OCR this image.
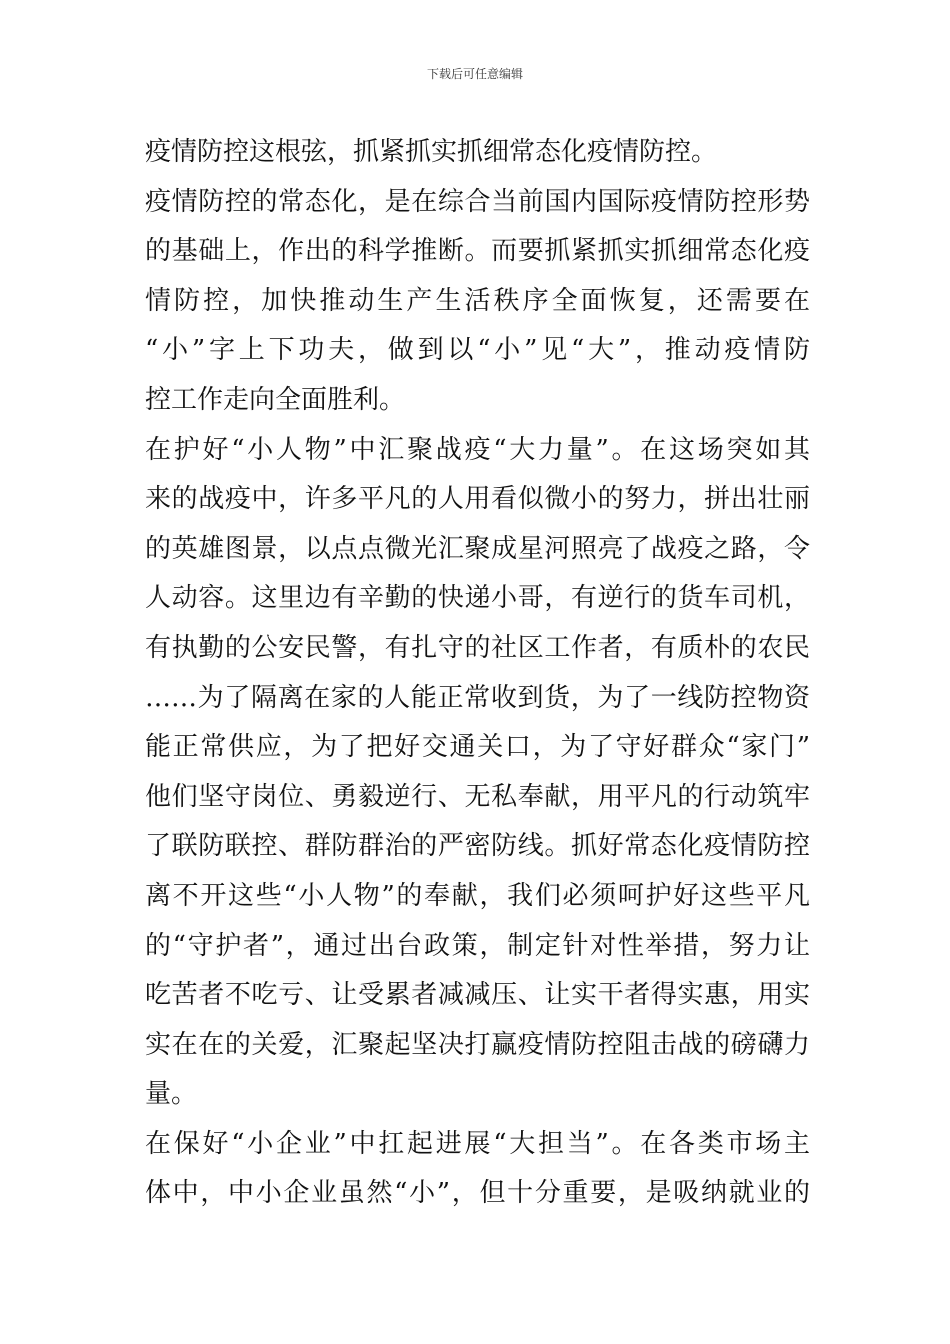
下载后可任意编辑
疫情防控这根弦，抓紧抓实抓细常态化疫情防控。
疫情防控的常态化，是在综合当前国内国际疫情防控形势
的基础上，作出的科学推断。而要抓紧抓实抓细常态化疫
情防控，加快推动生产生活秩序全面恢复，还需要在
“小”字上下功夫，做到以“小”见“大”，推动疫情防
控工作走向全面胜利。
在护好“小人物”中汇聚战疫“大力量”。在这场突如其
来的战疫中，许多平凡的人用看似微小的努力，拼出壮丽
的英雄图景，以点点微光汇聚成星河照亮了战疫之路，令
人动容。这里边有辛勤的快递小哥，有逆行的货车司机，
有执勤的公安民警，有扎守的社区工作者，有质朴的农民
……为了隔离在家的人能正常收到货，为了一线防控物资
能正常供应，为了把好交通关口，为了守好群众“家门”
他们坚守岗位、勇毅逆行、无私奉献，用平凡的行动筑牢
了联防联控、群防群治的严密防线。抓好常态化疫情防控
离不开这些“小人物”的奉献，我们必须呵护好这些平凡
的“守护者”，通过出台政策，制定针对性举措，努力让
吃苦者不吃亏、让受累者减减压、让实干者得实惠，用实
实在在的关爱，汇聚起坚决打赢疫情防控阻击战的磅礴力
量。
在保好“小企业”中扛起进展“大担当”。在各类市场主
体中，中小企业虽然“小”，但十分重要，是吸纳就业的
